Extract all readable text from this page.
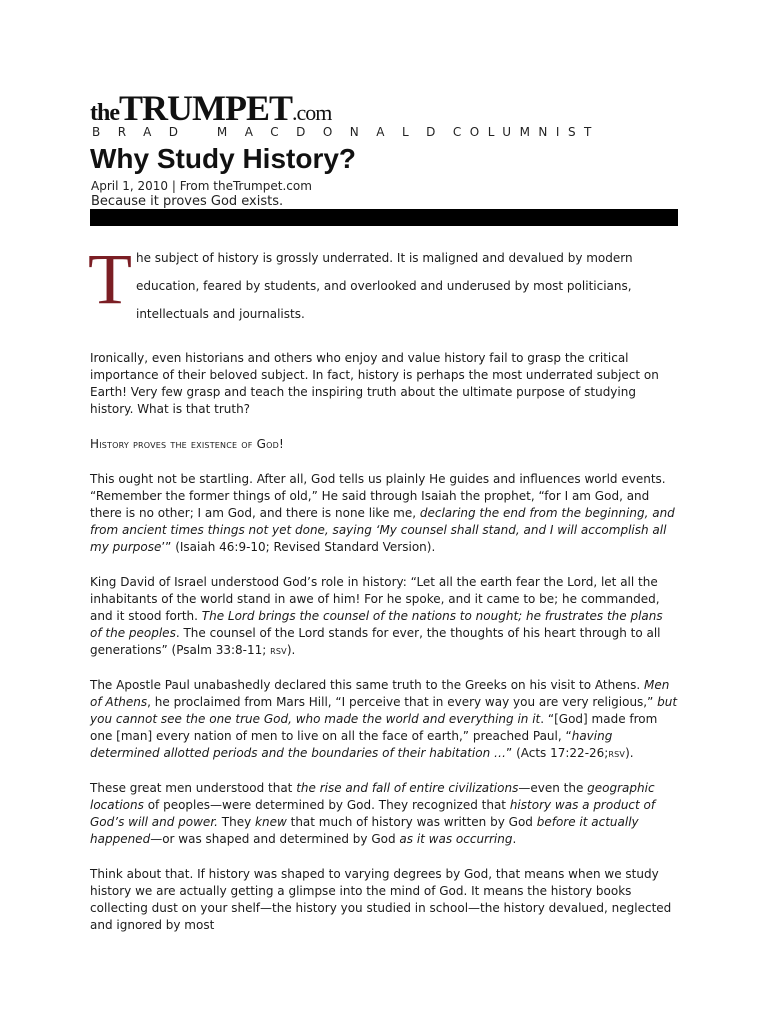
theTRUMPET.com
BRAD MACDONALDCOLUMNIST
Why Study History?
April 1, 2010 | From theTrumpet.com
Because it proves God exists.

The subject of history is grossly underrated. It is maligned and devalued by modern education, feared by students, and overlooked and underused by most politicians, intellectuals and journalists.

Ironically, even historians and others who enjoy and value history fail to grasp the critical importance of their beloved subject. In fact, history is perhaps the most underrated subject on Earth! Very few grasp and teach the inspiring truth about the ultimate purpose of studying history. What is that truth?

History proves the existence of God!

This ought not be startling. After all, God tells us plainly He guides and influences world events. “Remember the former things of old,” He said through Isaiah the prophet, “for I am God, and there is no other; I am God, and there is none like me, declaring the end from the beginning, and from ancient times things not yet done, saying ‘My counsel shall stand, and I will accomplish all my purpose’” (Isaiah 46:9-10; Revised Standard Version).

King David of Israel understood God’s role in history: “Let all the earth fear the Lord, let all the inhabitants of the world stand in awe of him! For he spoke, and it came to be; he commanded, and it stood forth. The Lord brings the counsel of the nations to nought; he frustrates the plans of the peoples. The counsel of the Lord stands for ever, the thoughts of his heart through to all generations” (Psalm 33:8-11; rsv).

The Apostle Paul unabashedly declared this same truth to the Greeks on his visit to Athens. Men of Athens, he proclaimed from Mars Hill, “I perceive that in every way you are very religious,” but you cannot see the one true God, who made the world and everything in it. “[God] made from one [man] every nation of men to live on all the face of earth,” preached Paul, “having determined allotted periods and the boundaries of their habitation …” (Acts 17:22-26;rsv).

These great men understood that the rise and fall of entire civilizations—even the geographic locations of peoples—were determined by God. They recognized that history was a product of God’s will and power. They knew that much of history was written by God before it actually happened—or was shaped and determined by God as it was occurring.

Think about that. If history was shaped to varying degrees by God, that means when we study history we are actually getting a glimpse into the mind of God. It means the history books collecting dust on your shelf—the history you studied in school—the history devalued, neglected and ignored by most
